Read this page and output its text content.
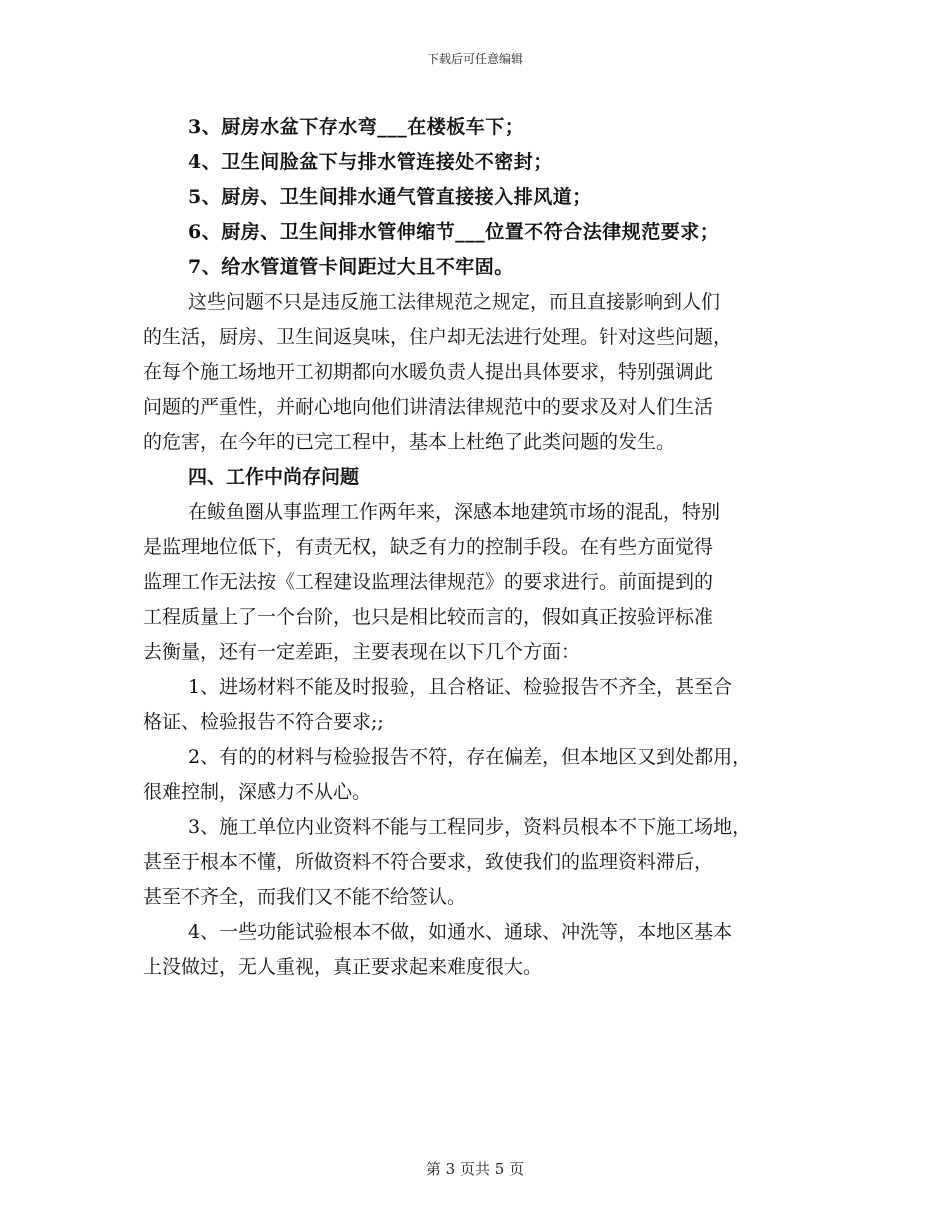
下载后可任意编辑
3、厨房水盆下存水弯___在楼板车下；
4、卫生间脸盆下与排水管连接处不密封；
5、厨房、卫生间排水通气管直接接入排风道；
6、厨房、卫生间排水管伸缩节___位置不符合法律规范要求；
7、给水管道管卡间距过大且不牢固。
这些问题不只是违反施工法律规范之规定，而且直接影响到人们
的生活，厨房、卫生间返臭味，住户却无法进行处理。针对这些问题，
在每个施工场地开工初期都向水暖负责人提出具体要求，特别强调此
问题的严重性，并耐心地向他们讲清法律规范中的要求及对人们生活
的危害，在今年的已完工程中，基本上杜绝了此类问题的发生。
四、工作中尚存问题
在鲅鱼圈从事监理工作两年来，深感本地建筑市场的混乱，特别
是监理地位低下，有责无权，缺乏有力的控制手段。在有些方面觉得
监理工作无法按《工程建设监理法律规范》的要求进行。前面提到的
工程质量上了一个台阶，也只是相比较而言的，假如真正按验评标准
去衡量，还有一定差距，主要表现在以下几个方面：
1、进场材料不能及时报验，且合格证、检验报告不齐全，甚至合
格证、检验报告不符合要求;;
2、有的的材料与检验报告不符，存在偏差，但本地区又到处都用，
很难控制，深感力不从心。
3、施工单位内业资料不能与工程同步，资料员根本不下施工场地，
甚至于根本不懂，所做资料不符合要求，致使我们的监理资料滞后，
甚至不齐全，而我们又不能不给签认。
4、一些功能试验根本不做，如通水、通球、冲洗等，本地区基本
上没做过，无人重视，真正要求起来难度很大。
第 3 页共 5 页
